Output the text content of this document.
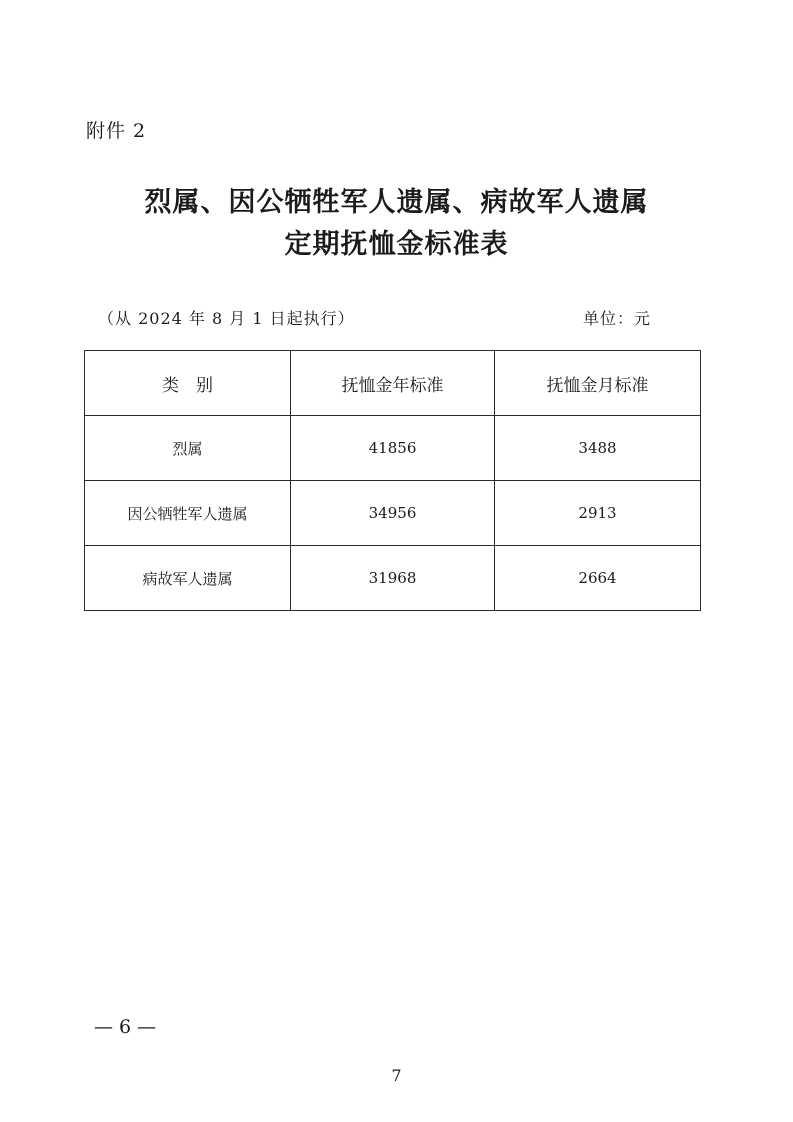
附件 2
烈属、因公牺牲军人遗属、病故军人遗属
定期抚恤金标准表
（从 2024 年 8 月 1 日起执行）	单位：元
类　别	抚恤金年标准	抚恤金月标准
烈属	41856	3488
因公牺牲军人遗属	34956	2913
病故军人遗属	31968	2664
— 6 —
7
